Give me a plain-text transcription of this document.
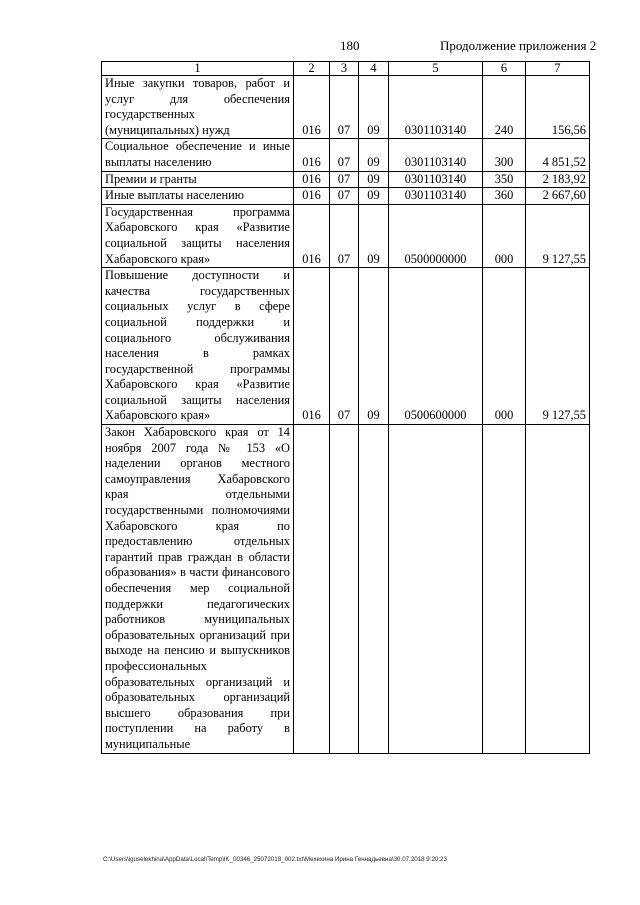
180	Продолжение приложения 2
1	2	3	4	5	6	7
Иные закупки товаров, работ и услуг для обеспечения государственных (муниципальных) нужд	016	07	09	0301103140	240	156,56
Социальное обеспечение и иные выплаты населению	016	07	09	0301103140	300	4 851,52
Премии и гранты	016	07	09	0301103140	350	2 183,92
Иные выплаты населению	016	07	09	0301103140	360	2 667,60
Государственная программа Хабаровского края «Развитие социальной защиты населения Хабаровского края»	016	07	09	0500000000	000	9 127,55
Повышение доступности и качества государственных социальных услуг в сфере социальной поддержки и социального обслуживания населения в рамках государственной программы Хабаровского края «Развитие социальной защиты населения Хабаровского края»	016	07	09	0500600000	000	9 127,55
Закон Хабаровского края от 14 ноября 2007 года № 153 «О наделении органов местного самоуправления Хабаровского края отдельными государственными полномочиями Хабаровского края по предоставлению отдельных гарантий прав граждан в области образования» в части финансового обеспечения мер социальной поддержки педагогических работников муниципальных образовательных организаций при выходе на пенсию и выпускников профессиональных образовательных организаций и образовательных организаций высшего образования при поступлении на работу в муниципальные						
C:\Users\iguselekhina\AppData\Local\Temp\lK_00346_25072018_002.txt\Мехехина Ирина Геннадьевна\30.07.2018 9:20:23
